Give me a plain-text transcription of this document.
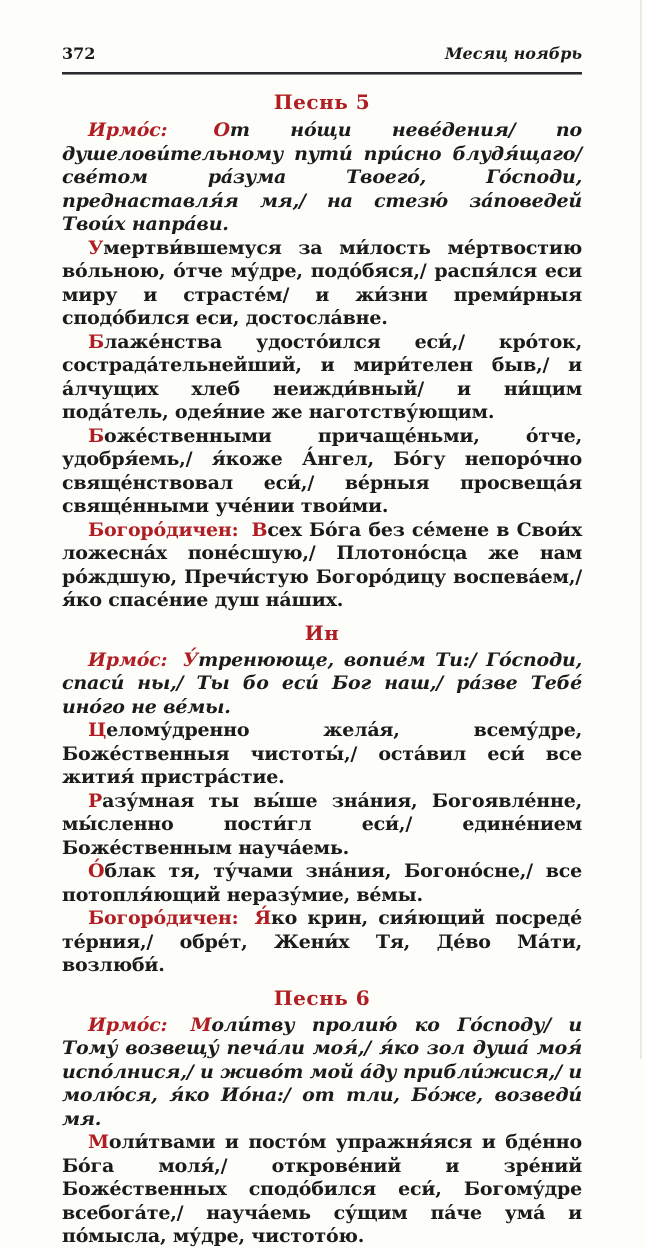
372	Месяц ноябрь
Песнь 5

Ирмо́с: От но́щи неве́дения/ по душелови́тельному пути́ при́сно блудя́щаго/ све́том ра́зума Твоего́, Го́споди, преднаставля́я мя,/ на стезю́ за́поведей Твои́х напра́ви.

Умертви́вшемуся за ми́лость ме́ртвостию во́льною, о́тче му́дре, подо́бяся,/ распя́лся еси миру и страсте́м/ и жи́зни преми́рныя сподо́бился еси, достосла́вне.

Блаже́нства удосто́ился еси́,/ кро́ток, сострада́тельнейший, и мири́телен быв,/ и а́лчущих хлеб неижди́вный/ и ни́щим пода́тель, одея́ние же наготству́ющим.

Боже́ственными причаще́ньми, о́тче, удобря́емь,/ я́коже А́нгел, Бо́гу непоро́чно свяще́нствовал еси́,/ ве́рныя просвеща́я свяще́нными уче́нии твои́ми.

Богоро́дичен: Всех Бо́га без се́мене в Свои́х ложесна́х поне́сшую,/ Плотоно́сца же нам ро́ждшую, Пречи́стую Богоро́дицу воспева́ем,/ я́ко спасе́ние душ на́ших.

Ин

Ирмо́с: У́тренююще, вопие́м Ти:/ Го́споди, спаси́ ны,/ Ты бо еси́ Бог наш,/ ра́зве Тебе́ ино́го не ве́мы.

Целому́дренно жела́я, всему́дре, Боже́ственныя чистоты́,/ оста́вил еси́ все жития́ пристра́стие.

Разу́мная ты вы́ше зна́ния, Богоявле́нне, мы́сленно пости́гл еси́,/ едине́нием Боже́ственным науча́емь.

О́блак тя, ту́чами зна́ния, Богоно́сне,/ все потопля́ющий неразу́мие, ве́мы.

Богоро́дичен: Я́ко крин, сия́ющий посреде́ те́рния,/ обре́т, Жени́х Тя, Де́во Ма́ти, возлюби́.

Песнь 6

Ирмо́с: Моли́тву пролию́ ко Го́споду/ и Тому́ возвещу́ печа́ли моя́,/ я́ко зол душа́ моя́ испо́лнися,/ и живо́т мой а́ду прибли́жися,/ и молю́ся, я́ко Ио́на:/ от тли, Бо́же, возведи́ мя.

Моли́твами и посто́м упражня́яся и бде́нно Бо́га моля́,/ открове́ний и зре́ний Боже́ственных сподо́бился еси́, Богому́дре всебога́те,/ науча́емь су́щим па́че ума́ и по́мысла, му́дре, чистото́ю.
